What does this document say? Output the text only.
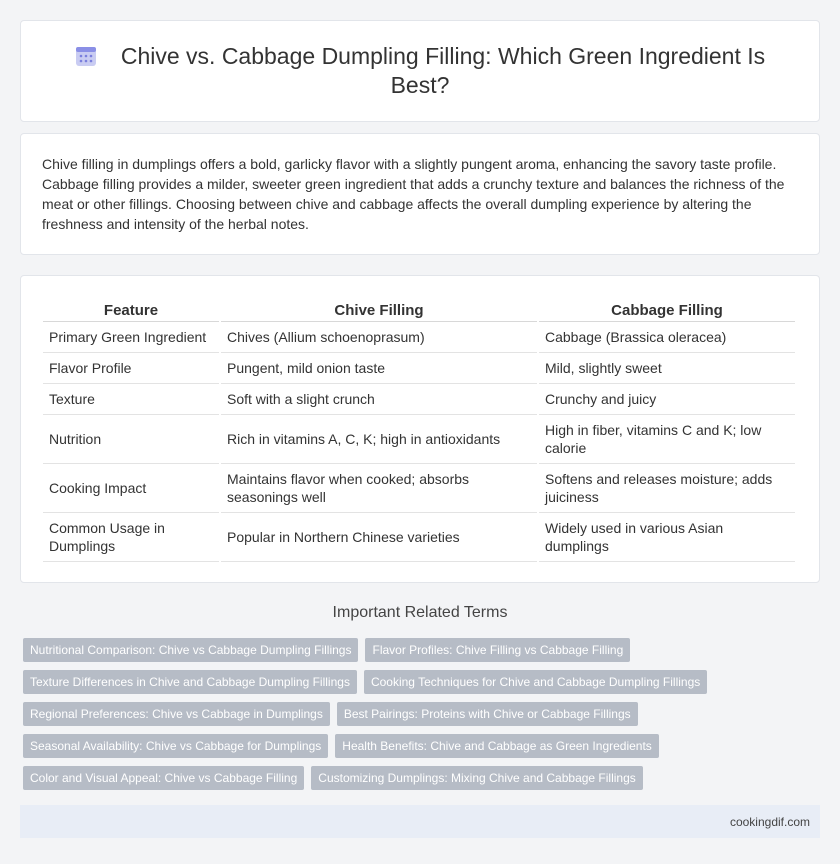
Chive vs. Cabbage Dumpling Filling: Which Green Ingredient Is Best?

Chive filling in dumplings offers a bold, garlicky flavor with a slightly pungent aroma, enhancing the savory taste profile. Cabbage filling provides a milder, sweeter green ingredient that adds a crunchy texture and balances the richness of the meat or other fillings. Choosing between chive and cabbage affects the overall dumpling experience by altering the freshness and intensity of the herbal notes.

Feature	Chive Filling	Cabbage Filling
Primary Green Ingredient	Chives (Allium schoenoprasum)	Cabbage (Brassica oleracea)
Flavor Profile	Pungent, mild onion taste	Mild, slightly sweet
Texture	Soft with a slight crunch	Crunchy and juicy
Nutrition	Rich in vitamins A, C, K; high in antioxidants	High in fiber, vitamins C and K; low calorie
Cooking Impact	Maintains flavor when cooked; absorbs seasonings well	Softens and releases moisture; adds juiciness
Common Usage in Dumplings	Popular in Northern Chinese varieties	Widely used in various Asian dumplings
Important Related Terms
Nutritional Comparison: Chive vs Cabbage Dumpling Fillings	Flavor Profiles: Chive Filling vs Cabbage Filling
Texture Differences in Chive and Cabbage Dumpling Fillings	Cooking Techniques for Chive and Cabbage Dumpling Fillings
Regional Preferences: Chive vs Cabbage in Dumplings	Best Pairings: Proteins with Chive or Cabbage Fillings
Seasonal Availability: Chive vs Cabbage for Dumplings	Health Benefits: Chive and Cabbage as Green Ingredients
Color and Visual Appeal: Chive vs Cabbage Filling	Customizing Dumplings: Mixing Chive and Cabbage Fillings
cookingdif.com
